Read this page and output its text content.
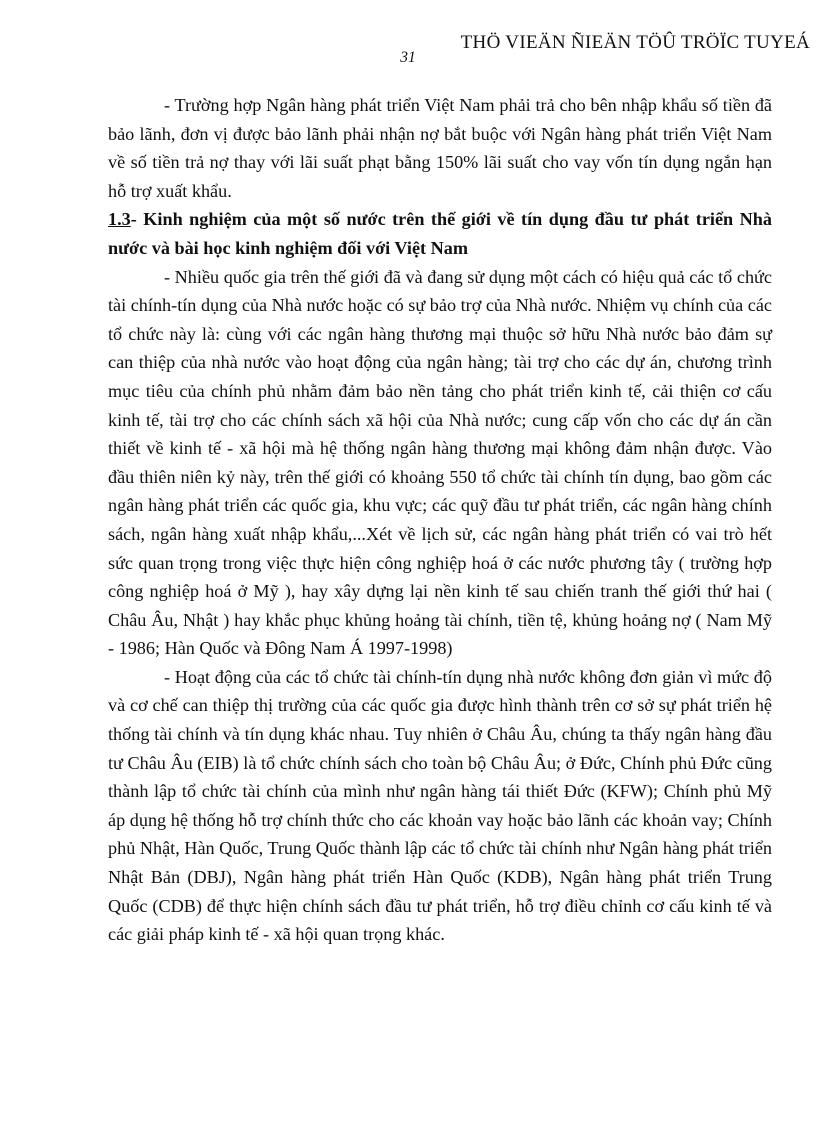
THÖ VIEÄN ÑIEÄN TÖÛ TRÖÏC TUYEÁ
31

- Trường hợp Ngân hàng phát triển Việt Nam phải trả cho bên nhập khẩu số tiền đã bảo lãnh, đơn vị được bảo lãnh phải nhận nợ bắt buộc với Ngân hàng phát triển Việt Nam về số tiền trả nợ thay với lãi suất phạt bằng 150% lãi suất cho vay vốn tín dụng ngắn hạn hỗ trợ xuất khẩu.

1.3- Kinh nghiệm của một số nước trên thế giới về tín dụng đầu tư phát triển Nhà nước và bài học kinh nghiệm đối với Việt Nam

- Nhiều quốc gia trên thế giới đã và đang sử dụng một cách có hiệu quả các tổ chức tài chính-tín dụng của Nhà nước hoặc có sự bảo trợ của Nhà nước. Nhiệm vụ chính của các tổ chức này là: cùng với các ngân hàng thương mại thuộc sở hữu Nhà nước bảo đảm sự can thiệp của nhà nước vào hoạt động của ngân hàng; tài trợ cho các dự án, chương trình mục tiêu của chính phủ nhằm đảm bảo nền tảng cho phát triển kinh tế, cải thiện cơ cấu kinh tế, tài trợ cho các chính sách xã hội của Nhà nước; cung cấp vốn cho các dự án cần thiết về kinh tế - xã hội mà hệ thống ngân hàng thương mại không đảm nhận được. Vào đầu thiên niên kỷ này, trên thế giới có khoảng 550 tổ chức tài chính tín dụng, bao gồm các ngân hàng phát triển các quốc gia, khu vực; các quỹ đầu tư phát triển, các ngân hàng chính sách, ngân hàng xuất nhập khẩu,...Xét về lịch sử, các ngân hàng phát triển có vai trò hết sức quan trọng trong việc thực hiện công nghiệp hoá ở các nước phương tây ( trường hợp công nghiệp hoá ở Mỹ ), hay xây dựng lại nền kinh tế sau chiến tranh thế giới thứ hai ( Châu Âu, Nhật ) hay khắc phục khủng hoảng tài chính, tiền tệ, khủng hoảng nợ ( Nam Mỹ - 1986; Hàn Quốc và Đông Nam Á 1997-1998)

- Hoạt động của các tổ chức tài chính-tín dụng nhà nước không đơn giản vì mức độ và cơ chế can thiệp thị trường của các quốc gia được hình thành trên cơ sở sự phát triển hệ thống tài chính và tín dụng khác nhau. Tuy nhiên ở Châu Âu, chúng ta thấy ngân hàng đầu tư Châu Âu (EIB) là tổ chức chính sách cho toàn bộ Châu Âu; ở Đức, Chính phủ Đức cũng thành lập tổ chức tài chính của mình như ngân hàng tái thiết Đức (KFW); Chính phủ Mỹ áp dụng hệ thống hỗ trợ chính thức cho các khoản vay hoặc bảo lãnh các khoản vay; Chính phủ Nhật, Hàn Quốc, Trung Quốc thành lập các tổ chức tài chính như Ngân hàng phát triển Nhật Bản (DBJ), Ngân hàng phát triển Hàn Quốc (KDB), Ngân hàng phát triển Trung Quốc (CDB) để thực hiện chính sách đầu tư phát triển, hỗ trợ điều chỉnh cơ cấu kinh tế và các giải pháp kinh tế - xã hội quan trọng khác.
